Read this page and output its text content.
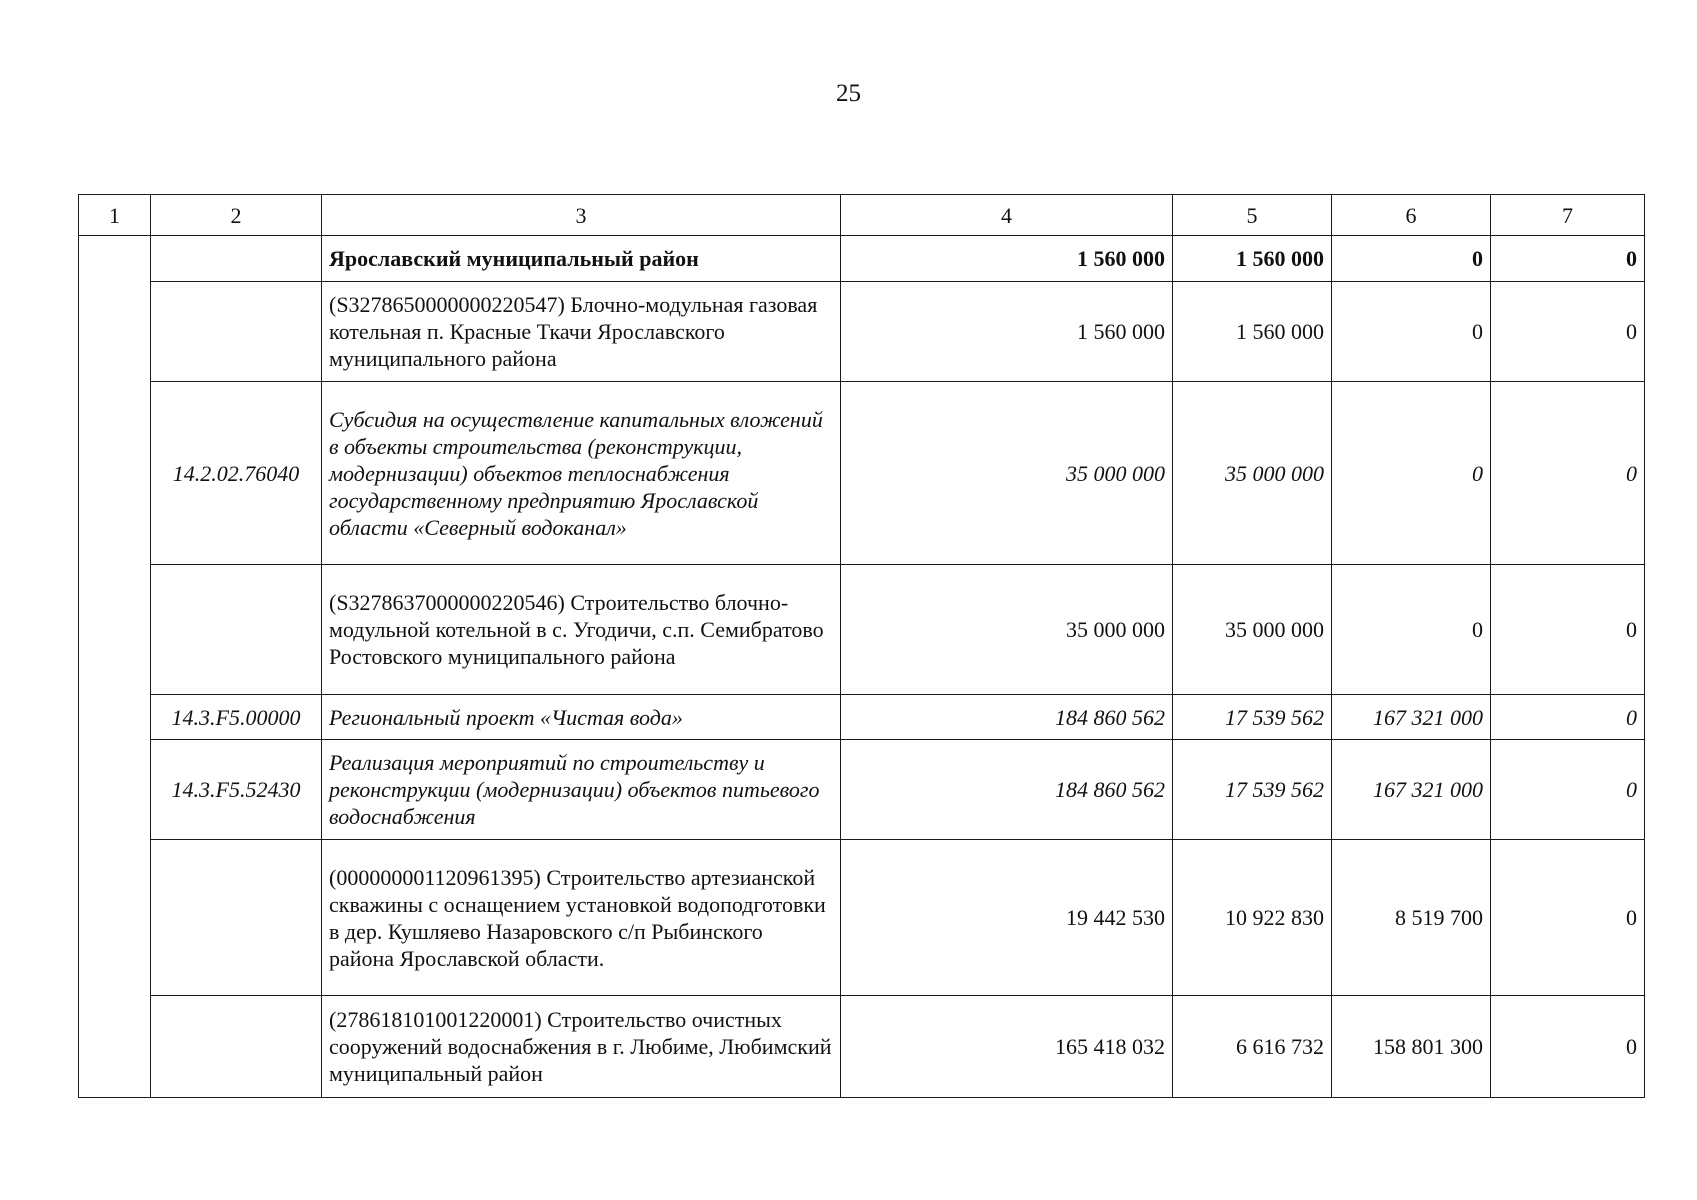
25
1	2	3	4	5	6	7
		Ярославский муниципальный район	1 560 000	1 560 000	0	0
		(S3278650000000220547) Блочно-модульная газовая котельная п. Красные Ткачи Ярославского муниципального района	1 560 000	1 560 000	0	0
	14.2.02.76040	Субсидия на осуществление капитальных вложений в объекты строительства (реконструкции, модернизации) объектов теплоснабжения государственному предприятию Ярославской области «Северный водоканал»	35 000 000	35 000 000	0	0
		(S3278637000000220546) Строительство блочно-модульной котельной в с. Угодичи, с.п. Семибратово Ростовского муниципального района	35 000 000	35 000 000	0	0
	14.3.F5.00000	Региональный проект «Чистая вода»	184 860 562	17 539 562	167 321 000	0
	14.3.F5.52430	Реализация мероприятий по строительству и реконструкции (модернизации) объектов питьевого водоснабжения	184 860 562	17 539 562	167 321 000	0
		(000000001120961395) Строительство артезианской скважины с оснащением установкой водоподготовки в дер. Кушляево Назаровского с/п Рыбинского района Ярославской области.	19 442 530	10 922 830	8 519 700	0
		(278618101001220001) Строительство очистных сооружений водоснабжения в г. Любиме, Любимский муниципальный район	165 418 032	6 616 732	158 801 300	0
